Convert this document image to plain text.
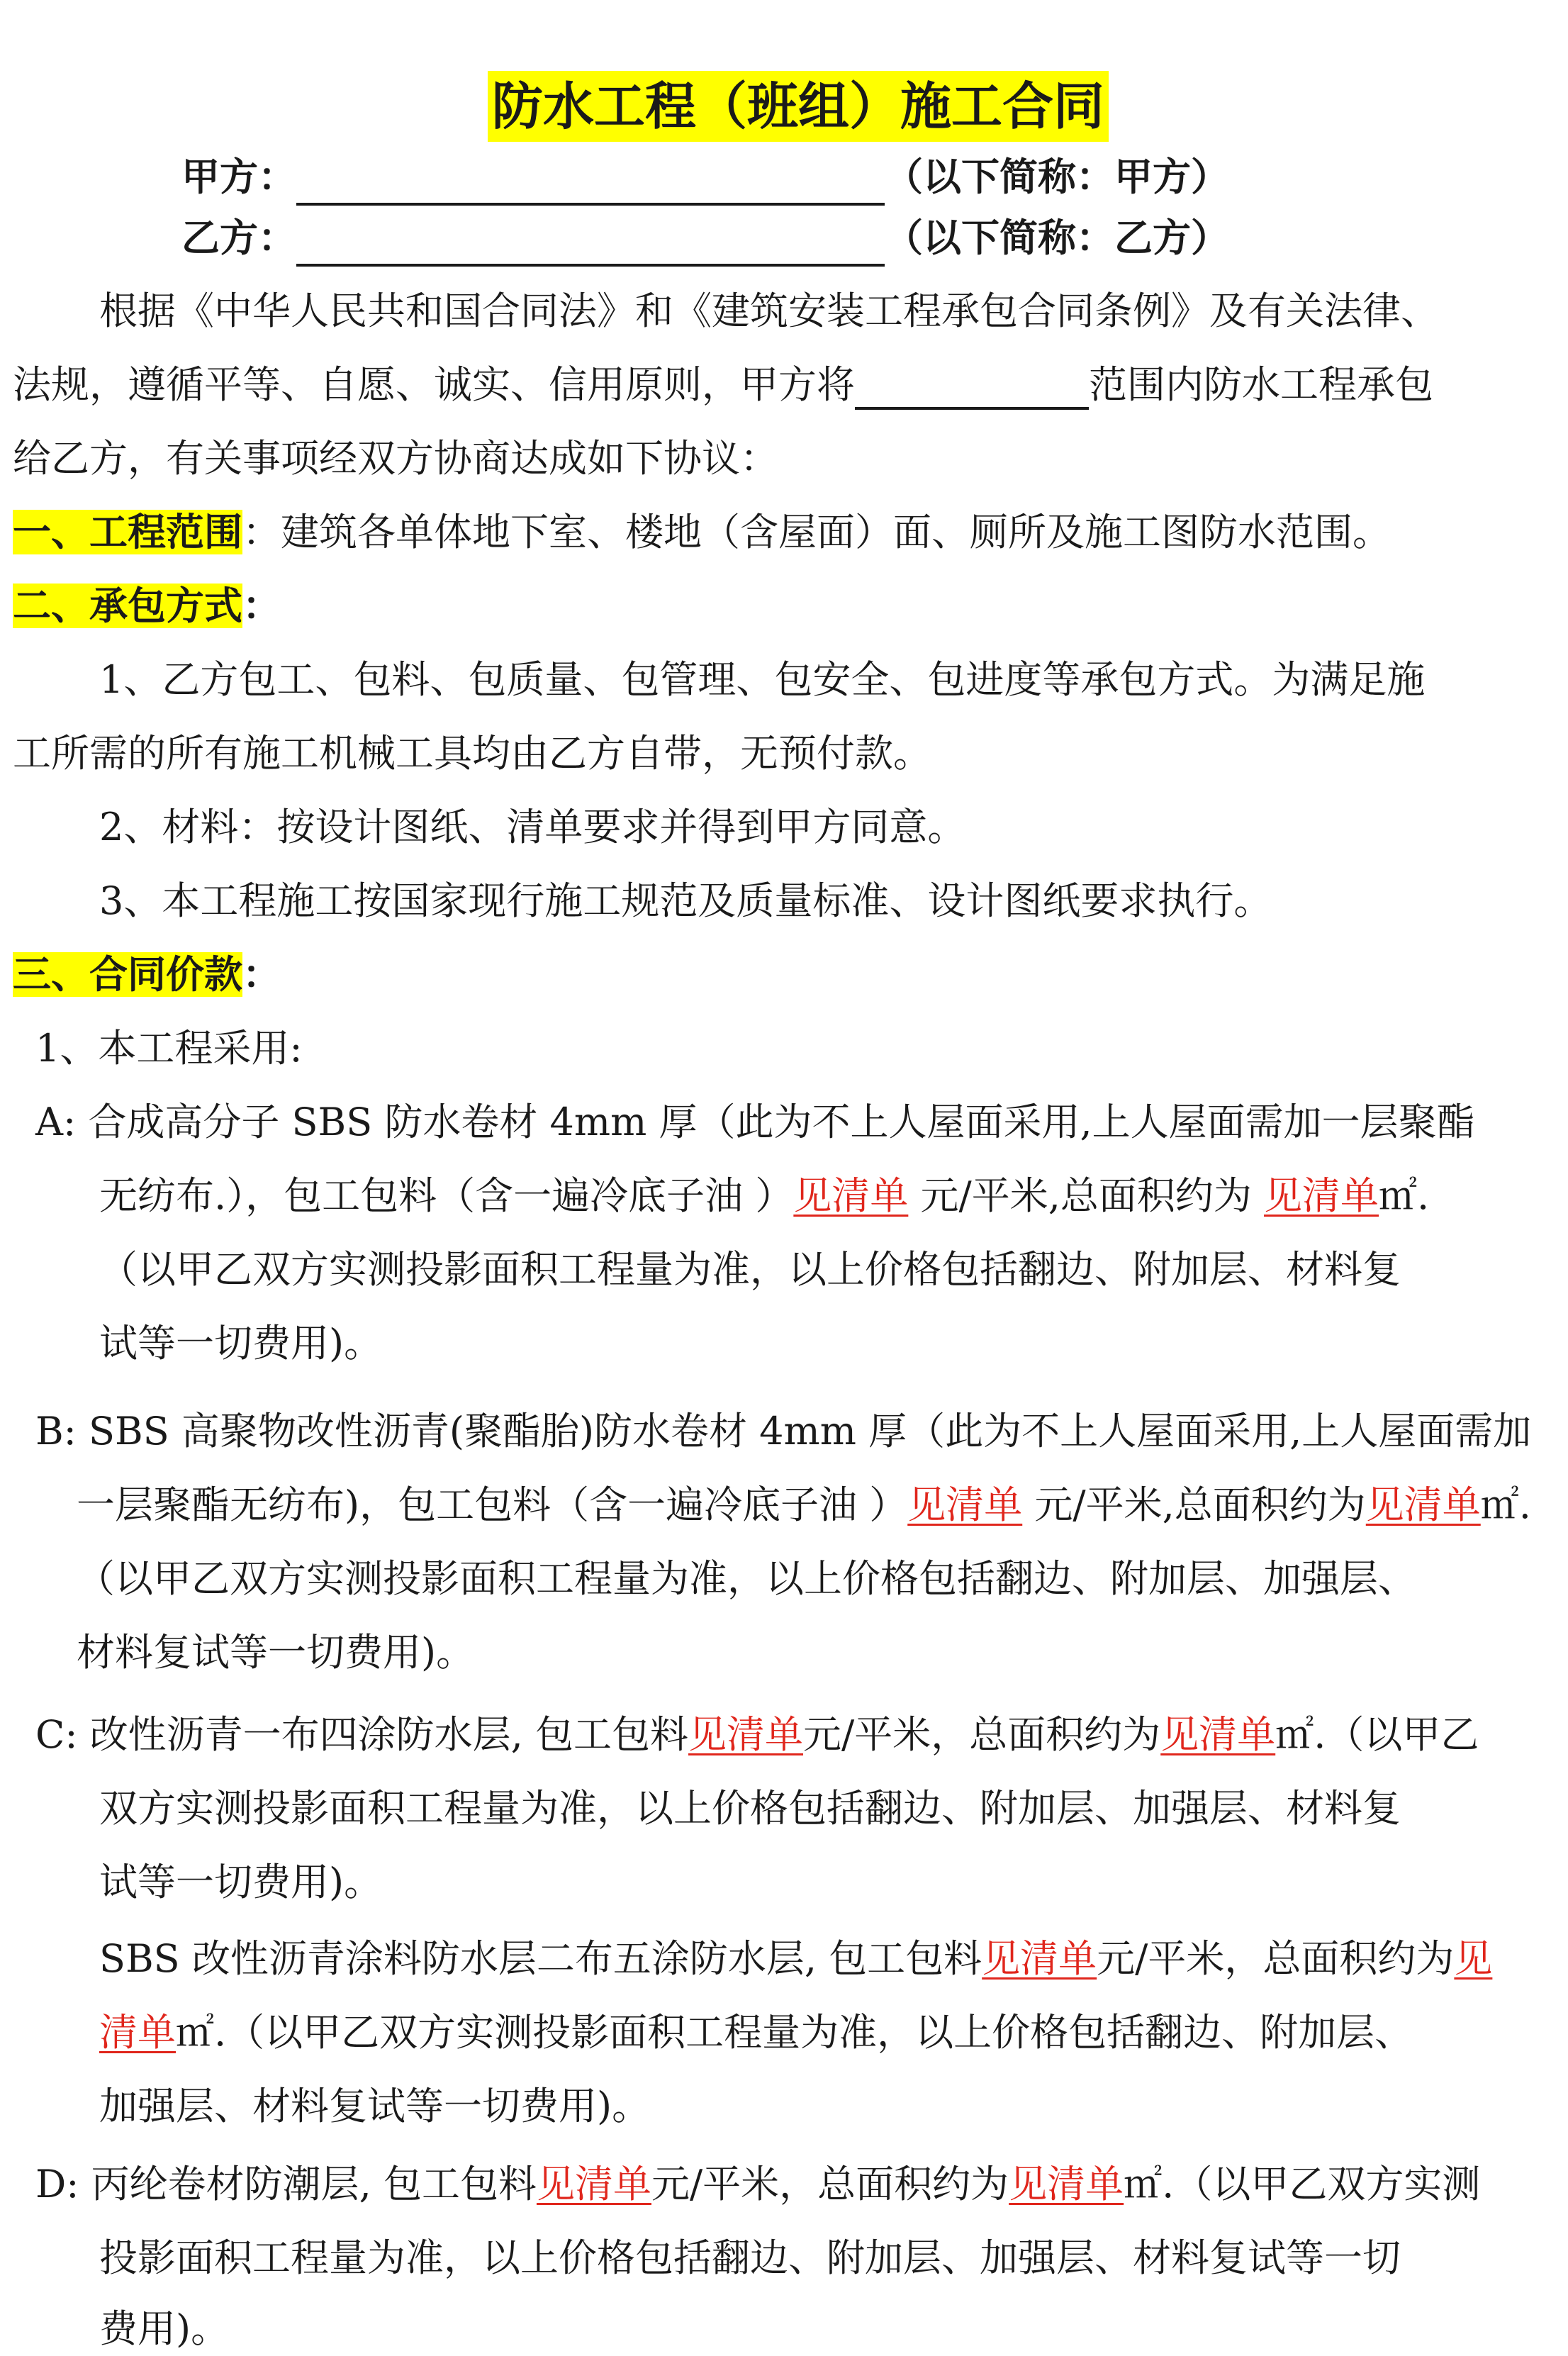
防水工程（班组）施工合同
甲方：	（以下简称：甲方）
乙方：	（以下简称：乙方）
根据《中华人民共和国合同法》和《建筑安装工程承包合同条例》及有关法律、
法规，遵循平等、自愿、诚实、信用原则，甲方将	范围内防水工程承包
给乙方，有关事项经双方协商达成如下协议：
一、工程范围：建筑各单体地下室、楼地（含屋面）面、厕所及施工图防水范围。
二、承包方式：
1、乙方包工、包料、包质量、包管理、包安全、包进度等承包方式。为满足施
工所需的所有施工机械工具均由乙方自带，无预付款。
2、材料：按设计图纸、清单要求并得到甲方同意。
3、本工程施工按国家现行施工规范及质量标准、设计图纸要求执行。
三、合同价款：
1、本工程采用:
A: 合成高分子 SBS 防水卷材 4mm 厚（此为不上人屋面采用,上人屋面需加一层聚酯
无纺布.），包工包料（含一遍冷底子油 ）见清单 元/平米,总面积约为 见清单㎡.
（以甲乙双方实测投影面积工程量为准，以上价格包括翻边、附加层、材料复
试等一切费用)。
B: SBS 高聚物改性沥青(聚酯胎)防水卷材 4mm 厚（此为不上人屋面采用,上人屋面需加
一层聚酯无纺布)，包工包料（含一遍冷底子油 ）见清单 元/平米,总面积约为见清单㎡.
（以甲乙双方实测投影面积工程量为准，以上价格包括翻边、附加层、加强层、
材料复试等一切费用)。
C: 改性沥青一布四涂防水层, 包工包料见清单元/平米，总面积约为见清单㎡.（以甲乙
双方实测投影面积工程量为准，以上价格包括翻边、附加层、加强层、材料复
试等一切费用)。
SBS 改性沥青涂料防水层二布五涂防水层, 包工包料见清单元/平米，总面积约为见
清单㎡.（以甲乙双方实测投影面积工程量为准，以上价格包括翻边、附加层、
加强层、材料复试等一切费用)。
D: 丙纶卷材防潮层, 包工包料见清单元/平米，总面积约为见清单㎡.（以甲乙双方实测
投影面积工程量为准，以上价格包括翻边、附加层、加强层、材料复试等一切
费用)。
